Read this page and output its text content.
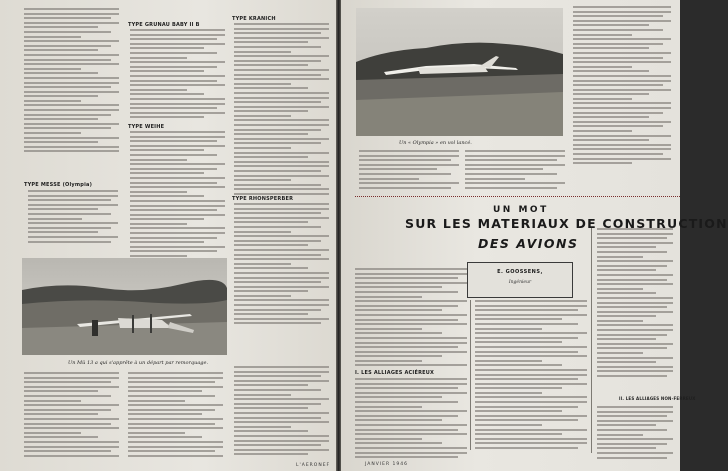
TYPE MESSE (Olympia)
TYPE GRUNAU BABY II B
TYPE WEIHE
TYPE KRANICH
TYPE RHONSPERBER
Un Mü 13 a qui s'apprête à un départ par remorquage.
L'AERONEF
Un « Olympia » en vol lancé.
I. LES ALLIAGES ACIÉREUX
II. LES ALLIAGES NON-FERREUX
JANVIER 1946
UN MOT
SUR LES MATERIAUX DE CONSTRUCTION
DES AVIONS
E. GOOSSENS,
Ingénieur
